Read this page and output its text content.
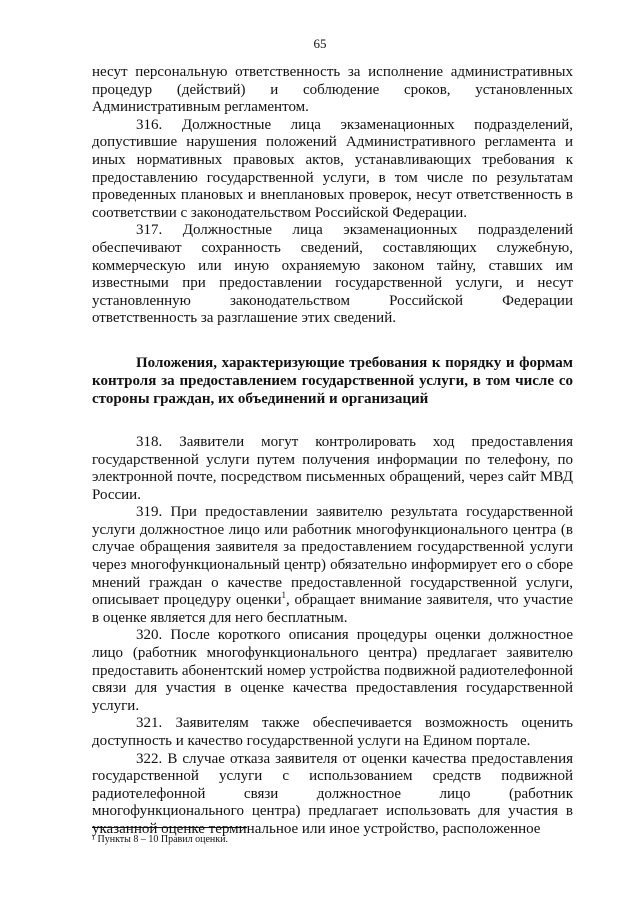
65

несут персональную ответственность за исполнение административных процедур (действий) и соблюдение сроков, установленных Административным регламентом.

316. Должностные лица экзаменационных подразделений, допустившие нарушения положений Административного регламента и иных нормативных правовых актов, устанавливающих требования к предоставлению государственной услуги, в том числе по результатам проведенных плановых и внеплановых проверок, несут ответственность в соответствии с законодательством Российской Федерации.

317. Должностные лица экзаменационных подразделений обеспечивают сохранность сведений, составляющих служебную, коммерческую или иную охраняемую законом тайну, ставших им известными при предоставлении государственной услуги, и несут установленную законодательством Российской Федерации ответственность за разглашение этих сведений.

Положения, характеризующие требования к порядку и формам контроля за предоставлением государственной услуги, в том числе со стороны граждан, их объединений и организаций

318. Заявители могут контролировать ход предоставления государственной услуги путем получения информации по телефону, по электронной почте, посредством письменных обращений, через сайт МВД России.

319. При предоставлении заявителю результата государственной услуги должностное лицо или работник многофункционального центра (в случае обращения заявителя за предоставлением государственной услуги через многофункциональный центр) обязательно информирует его о сборе мнений граждан о качестве предоставленной государственной услуги, описывает процедуру оценки$^1$, обращает внимание заявителя, что участие в оценке является для него бесплатным.

320. После короткого описания процедуры оценки должностное лицо (работник многофункционального центра) предлагает заявителю предоставить абонентский номер устройства подвижной радиотелефонной связи для участия в оценке качества предоставления государственной услуги.

321. Заявителям также обеспечивается возможность оценить доступность и качество государственной услуги на Едином портале.

322. В случае отказа заявителя от оценки качества предоставления государственной услуги с использованием средств подвижной радиотелефонной связи должностное лицо (работник многофункционального центра) предлагает использовать для участия в указанной оценке терминальное или иное устройство, расположенное

¹ Пункты 8 – 10 Правил оценки.
